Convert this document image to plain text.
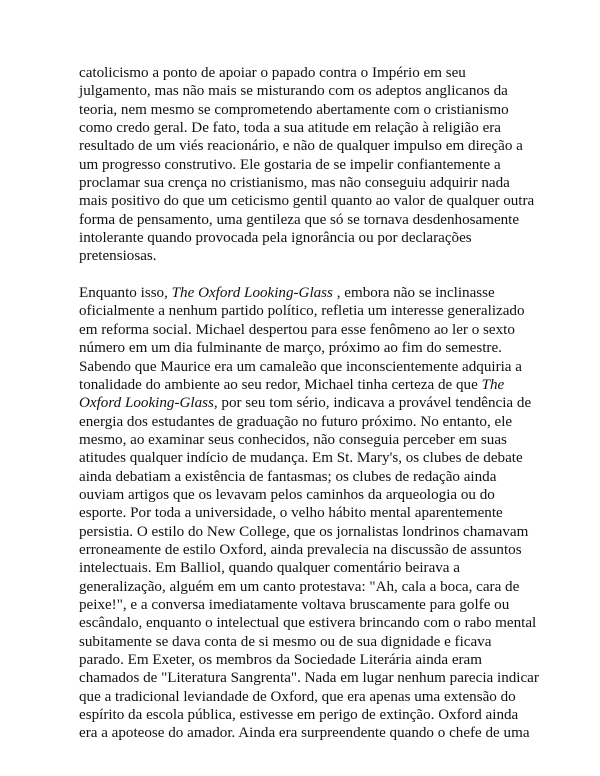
catolicismo a ponto de apoiar o papado contra o Império em seu
julgamento, mas não mais se misturando com os adeptos anglicanos da
teoria, nem mesmo se comprometendo abertamente com o cristianismo
como credo geral. De fato, toda a sua atitude em relação à religião era
resultado de um viés reacionário, e não de qualquer impulso em direção a
um progresso construtivo. Ele gostaria de se impelir confiantemente a
proclamar sua crença no cristianismo, mas não conseguiu adquirir nada
mais positivo do que um ceticismo gentil quanto ao valor de qualquer outra
forma de pensamento, uma gentileza que só se tornava desdenhosamente
intolerante quando provocada pela ignorância ou por declarações
pretensiosas.
Enquanto isso, The Oxford Looking-Glass , embora não se inclinasse
oficialmente a nenhum partido político, refletia um interesse generalizado
em reforma social. Michael despertou para esse fenômeno ao ler o sexto
número em um dia fulminante de março, próximo ao fim do semestre.
Sabendo que Maurice era um camaleão que inconscientemente adquiria a
tonalidade do ambiente ao seu redor, Michael tinha certeza de que The
Oxford Looking-Glass, por seu tom sério, indicava a provável tendência de
energia dos estudantes de graduação no futuro próximo. No entanto, ele
mesmo, ao examinar seus conhecidos, não conseguia perceber em suas
atitudes qualquer indício de mudança. Em St. Mary's, os clubes de debate
ainda debatiam a existência de fantasmas; os clubes de redação ainda
ouviam artigos que os levavam pelos caminhos da arqueologia ou do
esporte. Por toda a universidade, o velho hábito mental aparentemente
persistia. O estilo do New College, que os jornalistas londrinos chamavam
erroneamente de estilo Oxford, ainda prevalecia na discussão de assuntos
intelectuais. Em Balliol, quando qualquer comentário beirava a
generalização, alguém em um canto protestava: "Ah, cala a boca, cara de
peixe!", e a conversa imediatamente voltava bruscamente para golfe ou
escândalo, enquanto o intelectual que estivera brincando com o rabo mental
subitamente se dava conta de si mesmo ou de sua dignidade e ficava
parado. Em Exeter, os membros da Sociedade Literária ainda eram
chamados de "Literatura Sangrenta". Nada em lugar nenhum parecia indicar
que a tradicional leviandade de Oxford, que era apenas uma extensão do
espírito da escola pública, estivesse em perigo de extinção. Oxford ainda
era a apoteose do amador. Ainda era surpreendente quando o chefe de uma
